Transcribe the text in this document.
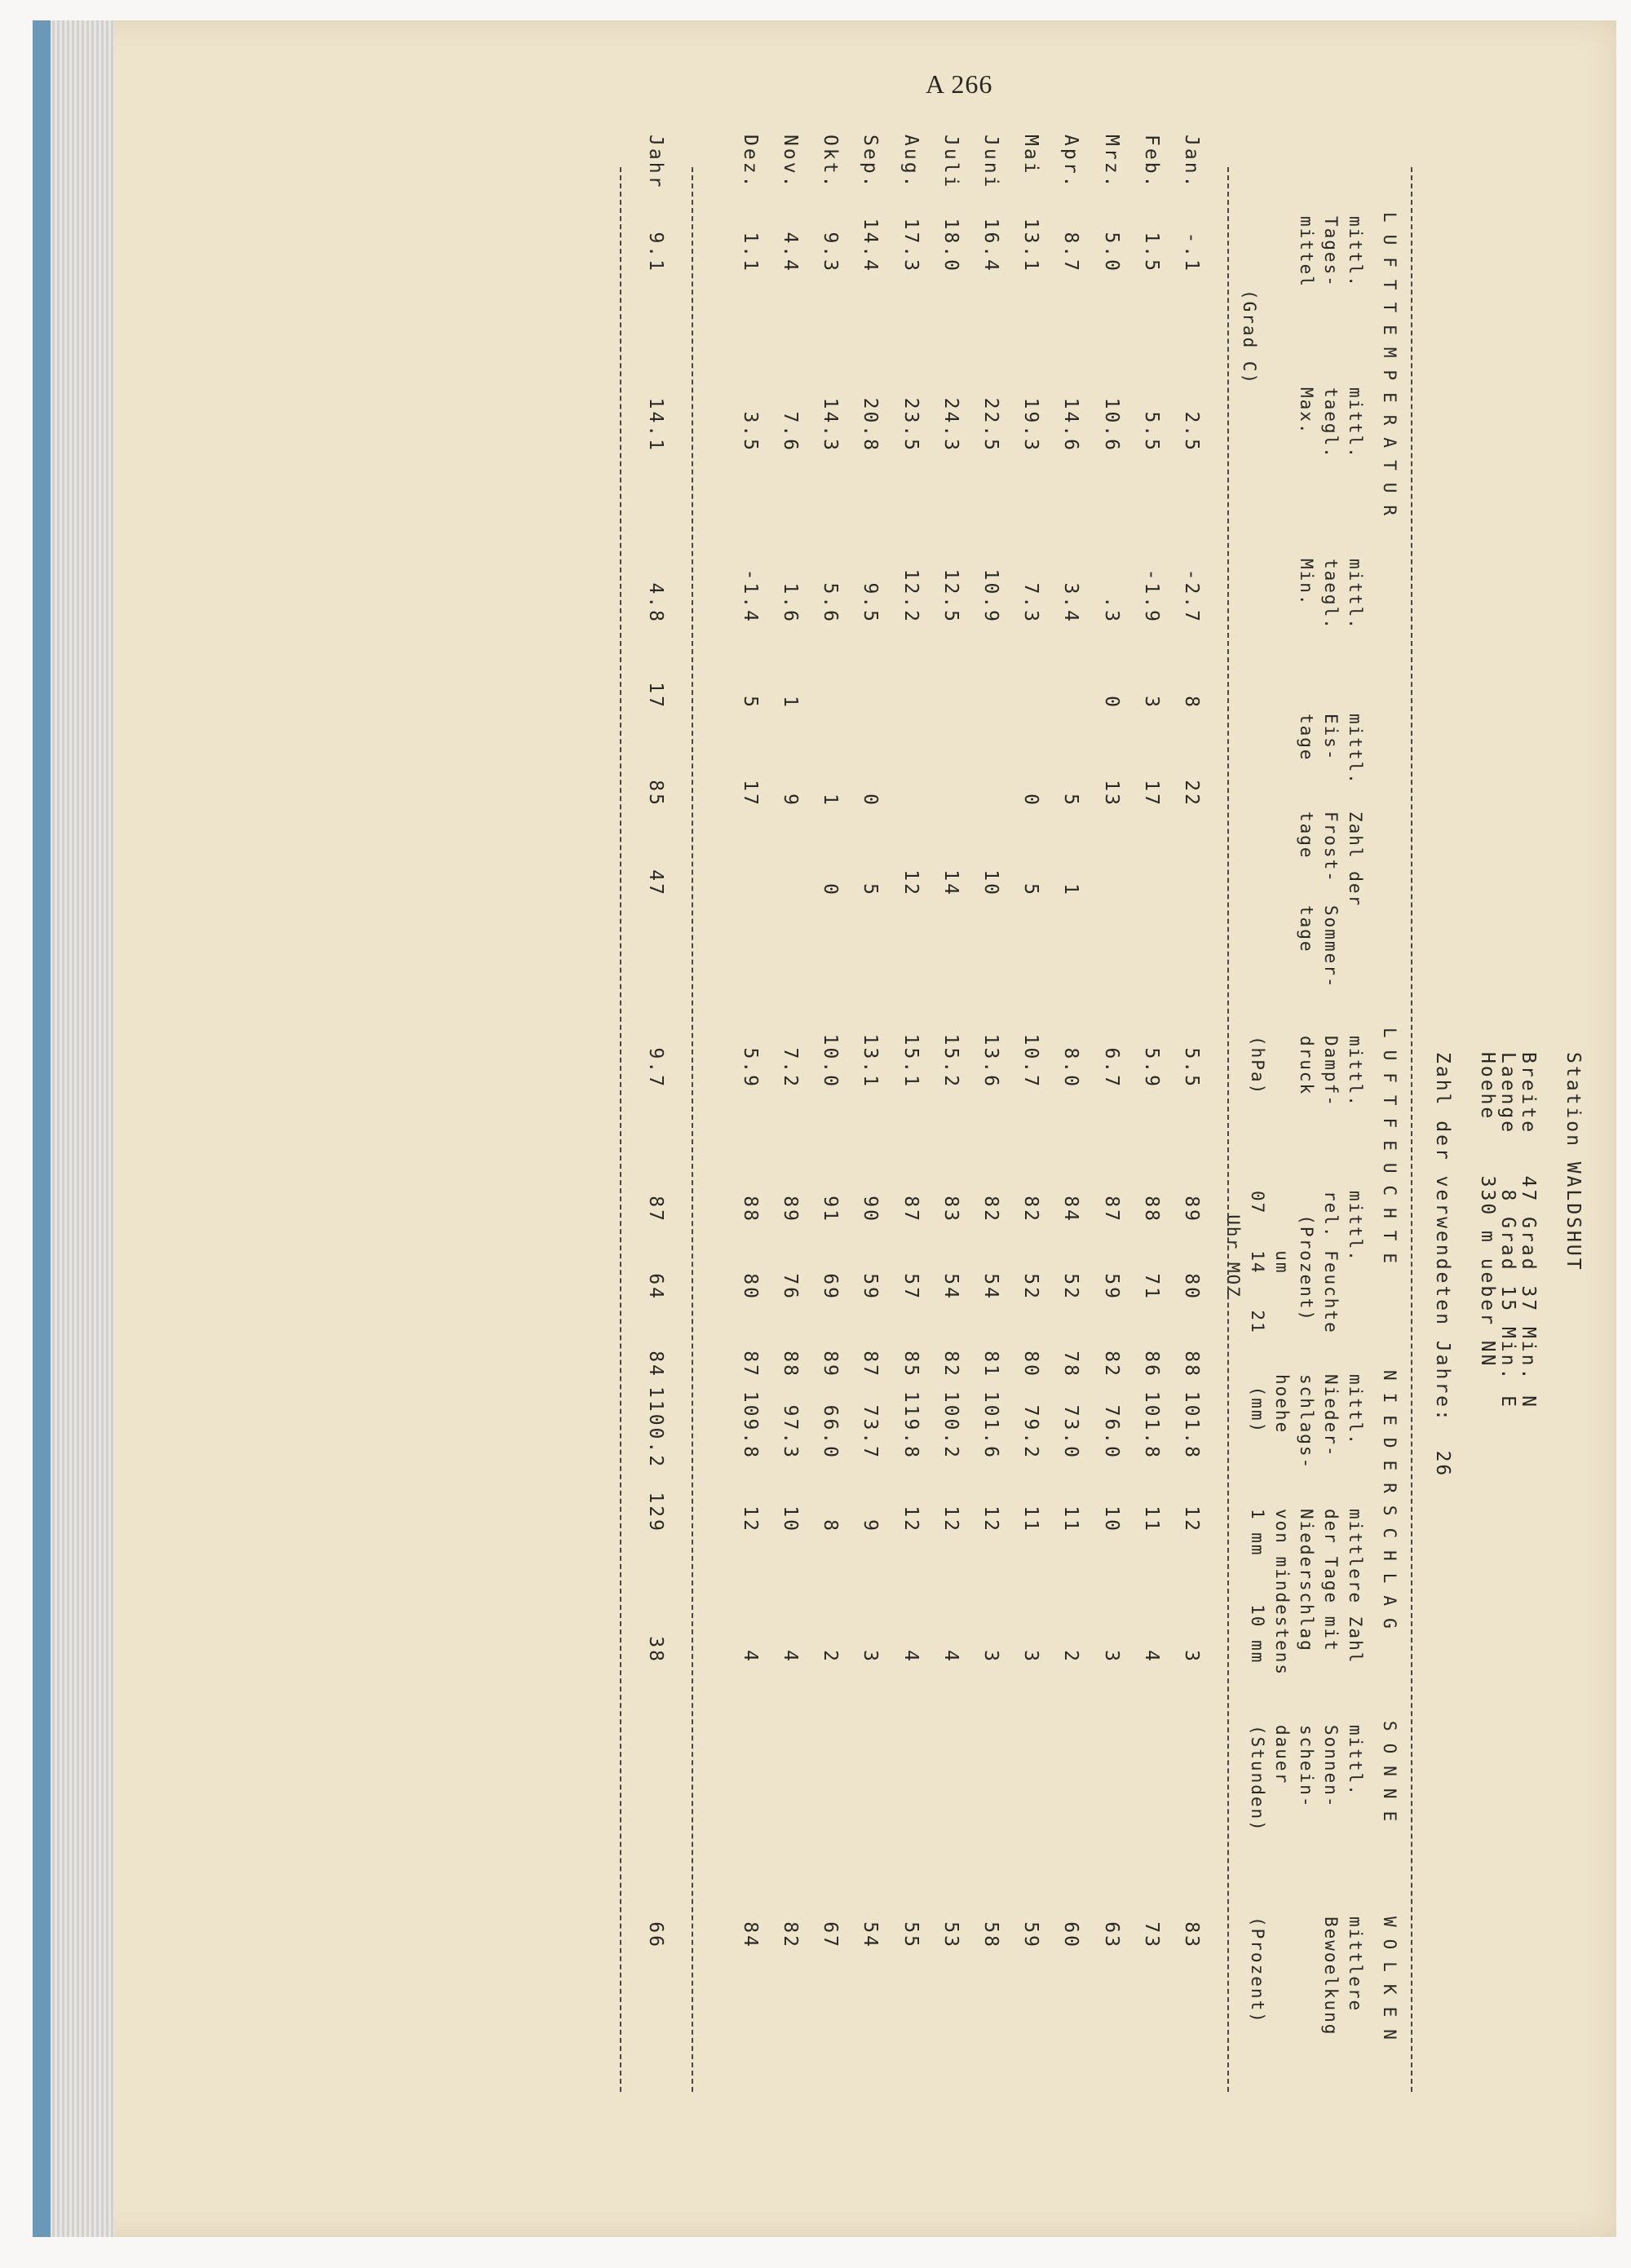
A 266
Station WALDSHUT
Breite   47 Grad 37 Min. N
Laenge    8 Grad 15 Min. E
Hoehe    330 m ueber NN
Zahl der verwendeten Jahre:  26
LUFTTEMPERATUR
LUFTFEUCHTE
NIEDERSCHLAG
SONNE
WOLKEN
mittl.
Tages-
mittel
mittl.
taegl.
Max.
mittl.
taegl.
Min.
(Grad C)
mittl.
Eis-
tage
Zahl der
Frost-
tage

Sommer-
tage
mittl.
Dampf-
druck

(hPa)
mittl.
rel. Feuchte
(Prozent)
um
07   14   21
Uhr MOZ
mittl.
Nieder-
schlags-
hoehe
(mm)
mittlere Zahl
der Tage mit
Niederschlag
von mindestens
1 mm    10 mm
mittl.
Sonnen-
schein-
dauer
(Stunden)
mittlere
Bewoelkung

(Prozent)
Jan.
-.1
2.5
-2.7
8
22
5.5
89
80
88
101.8
12
3
83
Feb.
1.5
5.5
-1.9
3
17
5.9
88
71
86
101.8
11
4
73
Mrz.
5.0
10.6
.3
0
13
6.7
87
59
82
76.0
10
3
63
Apr.
8.7
14.6
3.4
5
1
8.0
84
52
78
73.0
11
2
60
Mai
13.1
19.3
7.3
0
5
10.7
82
52
80
79.2
11
3
59
Juni
16.4
22.5
10.9
10
13.6
82
54
81
101.6
12
3
58
Juli
18.0
24.3
12.5
14
15.2
83
54
82
100.2
12
4
53
Aug.
17.3
23.5
12.2
12
15.1
87
57
85
119.8
12
4
55
Sep.
14.4
20.8
9.5
0
5
13.1
90
59
87
73.7
9
3
54
Okt.
9.3
14.3
5.6
1
0
10.0
91
69
89
66.0
8
2
67
Nov.
4.4
7.6
1.6
1
9
7.2
89
76
88
97.3
10
4
82
Dez.
1.1
3.5
-1.4
5
17
5.9
88
80
87
109.8
12
4
84
Jahr
9.1
14.1
4.8
17
85
47
9.7
87
64
84
1100.2
129
38
66
